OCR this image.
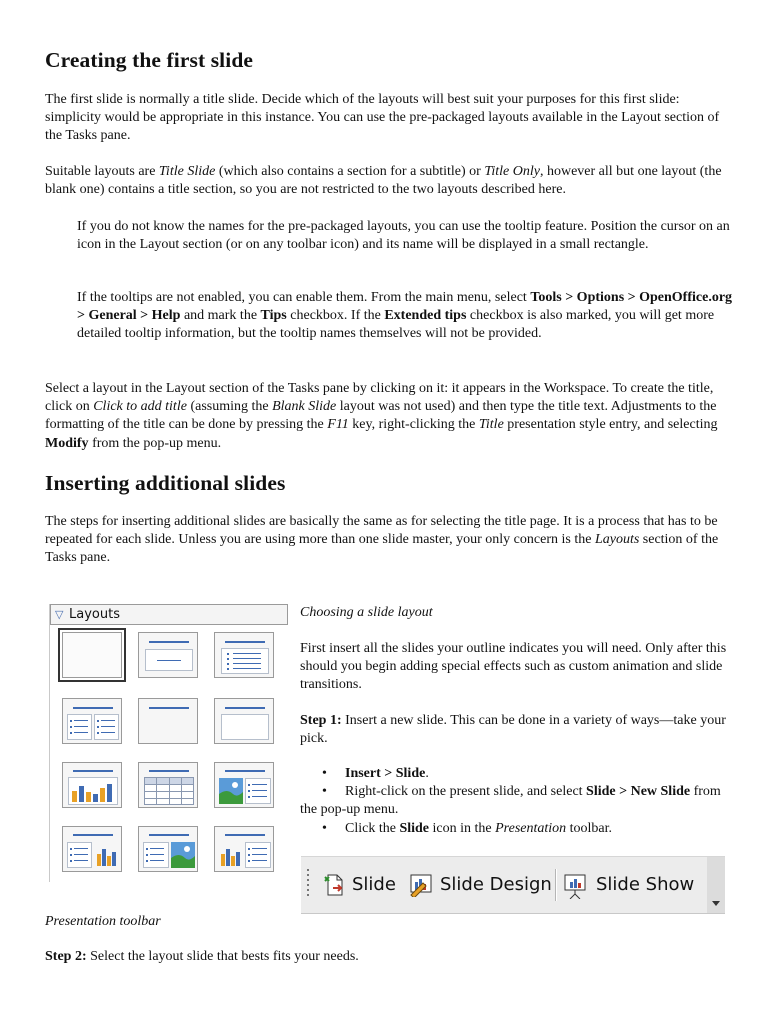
Creating the first slide

The first slide is normally a title slide. Decide which of the layouts will best suit your purposes for this first slide: simplicity would be appropriate in this instance. You can use the pre-packaged layouts available in the Layout section of the Tasks pane.

Suitable layouts are Title Slide (which also contains a section for a subtitle) or Title Only, however all but one layout (the blank one) contains a title section, so you are not restricted to the two layouts described here.

If you do not know the names for the pre-packaged layouts, you can use the tooltip feature. Position the cursor on an icon in the Layout section (or on any toolbar icon) and its name will be displayed in a small rectangle.

If the tooltips are not enabled, you can enable them. From the main menu, select Tools > Options > OpenOffice.org > General > Help and mark the Tips checkbox. If the Extended tips checkbox is also marked, you will get more detailed tooltip information, but the tooltip names themselves will not be provided.

Select a layout in the Layout section of the Tasks pane by clicking on it: it appears in the Workspace. To create the title, click on Click to add title (assuming the Blank Slide layout was not used) and then type the title text. Adjustments to the formatting of the title can be done by pressing the F11 key, right-clicking the Title presentation style entry, and selecting Modify from the pop-up menu.

Inserting additional slides

The steps for inserting additional slides are basically the same as for selecting the title page. It is a process that has to be repeated for each slide. Unless you are using more than one slide master, your only concern is the Layouts section of the Tasks pane.

▽ Layouts	Choosing a slide layout

First insert all the slides your outline indicates you will need. Only after this should you begin adding special effects such as custom animation and slide transitions.

Step 1: Insert a new slide. This can be done in a variety of ways—take your pick.

• Insert > Slide.
• Right-click on the present slide, and select Slide > New Slide from the pop-up menu.
• Click the Slide icon in the Presentation toolbar.
Slide Slide Design Slide Show

Presentation toolbar

Step 2: Select the layout slide that bests fits your needs.
